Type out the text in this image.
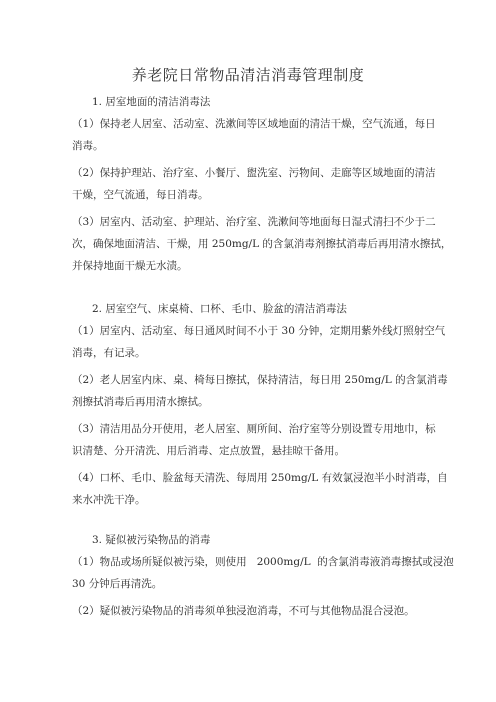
养老院日常物品清洁消毒管理制度
1. 居室地面的清洁消毒法
（1）保持老人居室、活动室、洗漱间等区域地面的清洁干燥，空气流通，每日
消毒。
（2）保持护理站、治疗室、小餐厅、盥洗室、污物间、走廊等区域地面的清洁
干燥，空气流通，每日消毒。
（3）居室内、活动室、护理站、治疗室、洗漱间等地面每日湿式清扫不少于二
次，确保地面清洁、干燥，用 250mg/L 的含氯消毒剂擦拭消毒后再用清水擦拭，
并保持地面干燥无水渍。
2. 居室空气、床桌椅、口杯、毛巾、脸盆的清洁消毒法
（1）居室内、活动室、每日通风时间不小于 30 分钟，定期用紫外线灯照射空气
消毒，有记录。
（2）老人居室内床、桌、椅每日擦拭，保持清洁，每日用 250mg/L 的含氯消毒
剂擦拭消毒后再用清水擦拭。
（3）清洁用品分开使用，老人居室、厕所间、治疗室等分别设置专用地巾，标
识清楚、分开清洗、用后消毒、定点放置，悬挂晾干备用。
（4）口杯、毛巾、脸盆每天清洗、每周用 250mg/L 有效氯浸泡半小时消毒，自
来水冲洗干净。
3. 疑似被污染物品的消毒
（1）物品或场所疑似被污染，则使用   2000mg/L  的含氯消毒液消毒擦拭或浸泡
30 分钟后再清洗。
（2）疑似被污染物品的消毒须单独浸泡消毒，不可与其他物品混合浸泡。
